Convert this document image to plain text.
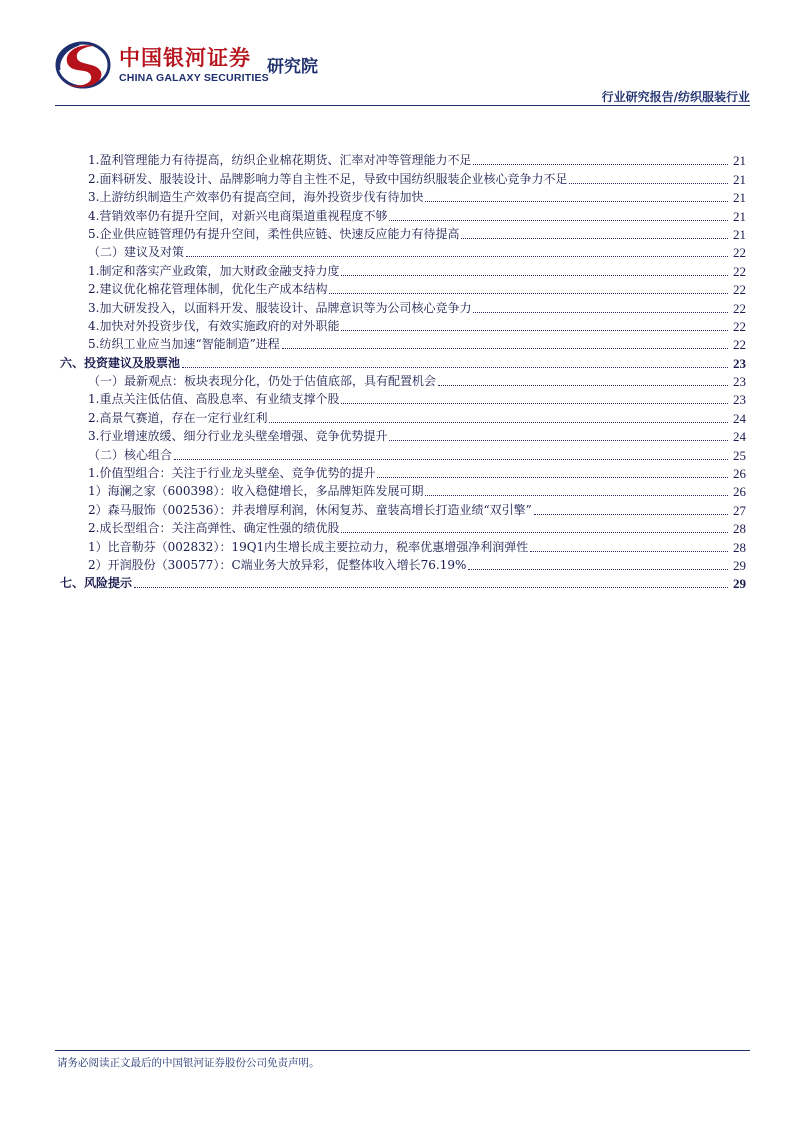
中国银河证券
CHINA GALAXY SECURITIES
研究院
行业研究报告/纺织服装行业
1.盈利管理能力有待提高，纺织企业棉花期货、汇率对冲等管理能力不足	21
2.面料研发、服装设计、品牌影响力等自主性不足，导致中国纺织服装企业核心竞争力不足	21
3.上游纺织制造生产效率仍有提高空间，海外投资步伐有待加快	21
4.营销效率仍有提升空间，对新兴电商渠道重视程度不够	21
5.企业供应链管理仍有提升空间，柔性供应链、快速反应能力有待提高	21
（二）建议及对策	22
1.制定和落实产业政策，加大财政金融支持力度	22
2.建议优化棉花管理体制，优化生产成本结构	22
3.加大研发投入，以面料开发、服装设计、品牌意识等为公司核心竞争力	22
4.加快对外投资步伐，有效实施政府的对外职能	22
5.纺织工业应当加速“智能制造”进程	22
六、投资建议及股票池	23
（一）最新观点：板块表现分化，仍处于估值底部，具有配置机会	23
1.重点关注低估值、高股息率、有业绩支撑个股	23
2.高景气赛道，存在一定行业红利	24
3.行业增速放缓、细分行业龙头壁垒增强、竞争优势提升	24
（二）核心组合	25
1.价值型组合：关注于行业龙头壁垒、竞争优势的提升	26
1）海澜之家（600398）：收入稳健增长，多品牌矩阵发展可期	26
2）森马服饰（002536）：并表增厚利润，休闲复苏、童装高增长打造业绩“双引擎”	27
2.成长型组合：关注高弹性、确定性强的绩优股	28
1）比音勒芬（002832）：19Q1内生增长成主要拉动力，税率优惠增强净利润弹性	28
2）开润股份（300577）：C端业务大放异彩，促整体收入增长76.19%	29
七、风险提示	29
请务必阅读正文最后的中国银河证券股份公司免责声明。
